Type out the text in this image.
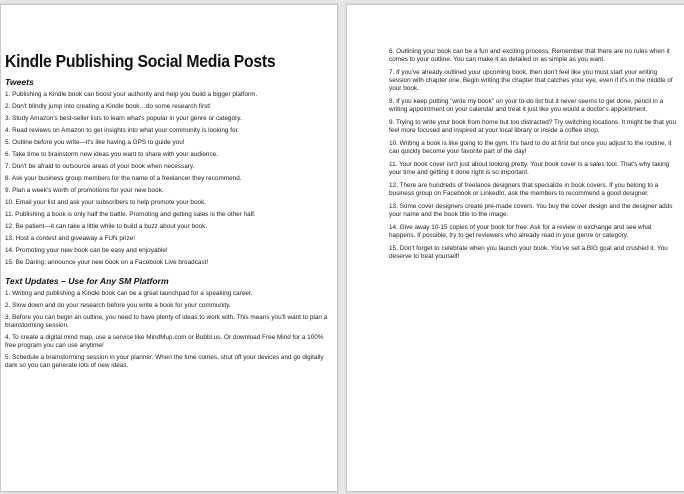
Kindle Publishing Social Media Posts
Tweets
1. Publishing a Kindle book can boost your authority and help you build a bigger platform.
2. Don't blindly jump into creating a Kindle book…do some research first!
3. Study Amazon's best-seller lists to learn what's popular in your genre or category.
4. Read reviews on Amazon to get insights into what your community is looking for.
5. Outline before you write—it's like having a GPS to guide you!
6. Take time to brainstorm new ideas you want to share with your audience.
7. Don't be afraid to outsource areas of your book when necessary.
8. Ask your business group members for the name of a freelancer they recommend.
9. Plan a week's worth of promotions for your new book.
10. Email your list and ask your subscribers to help promote your book.
11. Publishing a book is only half the battle. Promoting and getting sales is the other half.
12. Be patient—it can take a little while to build a buzz about your book.
13. Host a contest and giveaway a FUN prize!
14. Promoting your new book can be easy and enjoyable!
15. Be Daring: announce your new book on a Facebook Live broadcast!
Text Updates – Use for Any SM Platform
1. Writing and publishing a Kindle book can be a great launchpad for a speaking career.
2. Slow down and do your research before you write a book for your community.
3. Before you can begin an outline, you need to have plenty of ideas to work with. This means you'll want to plan a brainstorming session.
4. To create a digital mind map, use a service like MindMup.com or Bubbl.us. Or download Free Mind for a 100% free program you can use anytime!
5. Schedule a brainstorming session in your planner. When the time comes, shut off your devices and go digitally dark so you can generate lots of new ideas.
6. Outlining your book can be a fun and exciting process. Remember that there are no rules when it comes to your outline. You can make it as detailed or as simple as you want.
7. If you've already outlined your upcoming book, then don't feel like you must start your writing session with chapter one. Begin writing the chapter that catches your eye, even if it's in the middle of your book.
8. If you keep putting "write my book" on your to-do list but it never seems to get done, pencil in a writing appointment on your calendar and treat it just like you would a doctor's appointment.
9. Trying to write your book from home but too distracted? Try switching locations. It might be that you feel more focused and inspired at your local library or inside a coffee shop.
10. Writing a book is like going to the gym. It's hard to do at first but once you adjust to the routine, it can quickly become your favorite part of the day!
11. Your book cover isn't just about looking pretty. Your book cover is a sales tool. That's why taking your time and getting it done right is so important.
12. There are hundreds of freelance designers that specialize in book covers. If you belong to a business group on Facebook or LinkedIn, ask the members to recommend a good designer.
13. Some cover designers create pre-made covers. You buy the cover design and the designer adds your name and the book title to the image.
14. Give away 10-15 copies of your book for free. Ask for a review in exchange and see what happens. If possible, try to get reviewers who already read in your genre or category.
15. Don't forget to celebrate when you launch your book. You've set a BIG goal and crushed it. You deserve to treat yourself!
